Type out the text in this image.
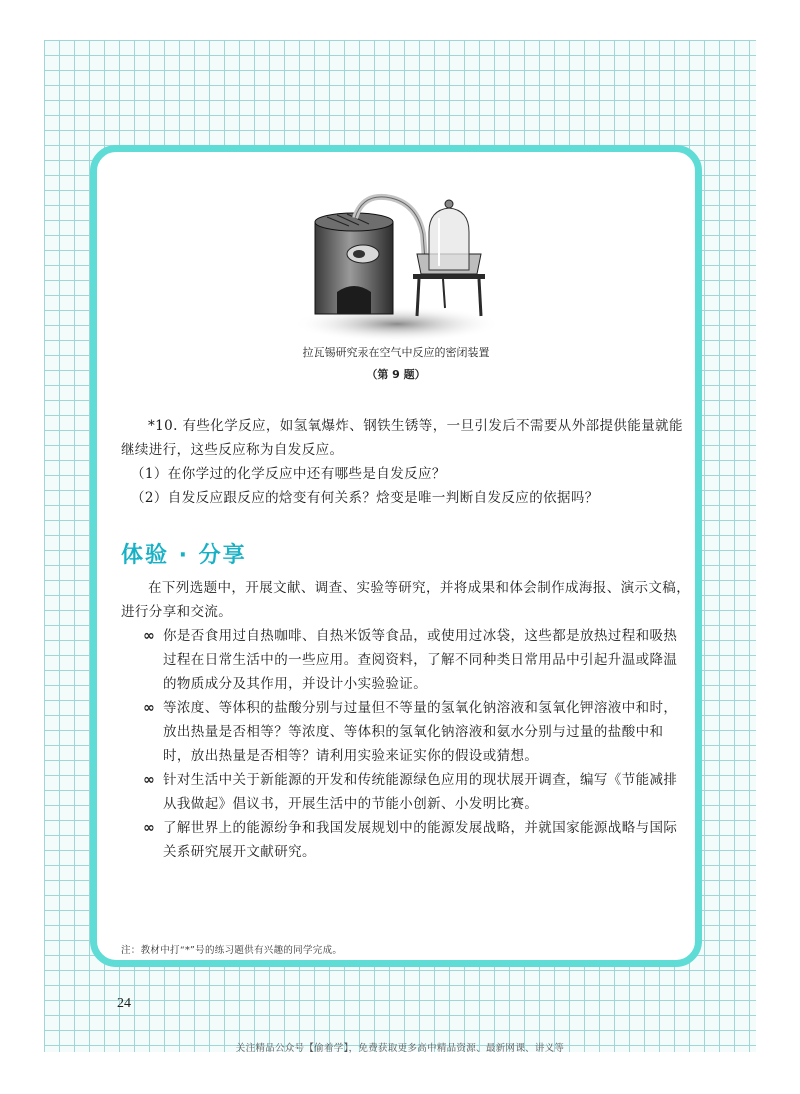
拉瓦锡研究汞在空气中反应的密闭装置
（第 9 题）

*10. 有些化学反应，如氢氧爆炸、钢铁生锈等，一旦引发后不需要从外部提供能量就能继续进行，这些反应称为自发反应。

（1）在你学过的化学反应中还有哪些是自发反应？

（2）自发反应跟反应的焓变有何关系？焓变是唯一判断自发反应的依据吗？

体验 · 分享

在下列选题中，开展文献、调查、实验等研究，并将成果和体会制作成海报、演示文稿，进行分享和交流。

∞ 你是否食用过自热咖啡、自热米饭等食品，或使用过冰袋，这些都是放热过程和吸热过程在日常生活中的一些应用。查阅资料，了解不同种类日常用品中引起升温或降温的物质成分及其作用，并设计小实验验证。
∞ 等浓度、等体积的盐酸分别与过量但不等量的氢氧化钠溶液和氢氧化钾溶液中和时，放出热量是否相等？等浓度、等体积的氢氧化钠溶液和氨水分别与过量的盐酸中和时，放出热量是否相等？请利用实验来证实你的假设或猜想。
∞ 针对生活中关于新能源的开发和传统能源绿色应用的现状展开调查，编写《节能减排从我做起》倡议书，开展生活中的节能小创新、小发明比赛。
∞ 了解世界上的能源纷争和我国发展规划中的能源发展战略，并就国家能源战略与国际关系研究展开文献研究。
注：教材中打“*”号的练习题供有兴趣的同学完成。
24
关注精品公众号【偷着学】，免费获取更多高中精品资源、最新网课、讲义等
